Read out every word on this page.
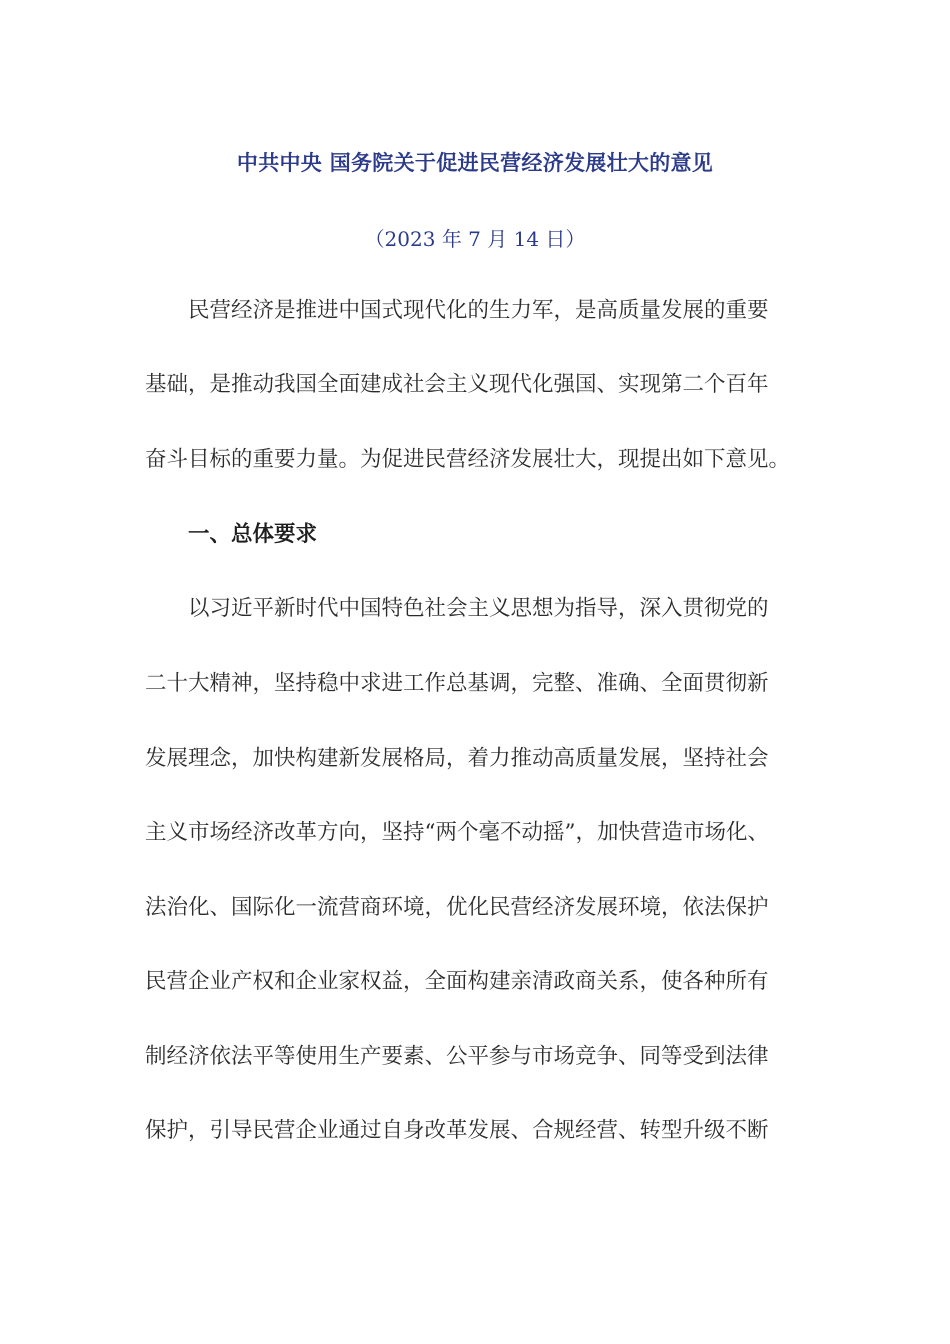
中共中央 国务院关于促进民营经济发展壮大的意见
（2023 年 7 月 14 日）
民营经济是推进中国式现代化的生力军，是高质量发展的重要
基础，是推动我国全面建成社会主义现代化强国、实现第二个百年
奋斗目标的重要力量。为促进民营经济发展壮大，现提出如下意见。
一、总体要求
以习近平新时代中国特色社会主义思想为指导，深入贯彻党的
二十大精神，坚持稳中求进工作总基调，完整、准确、全面贯彻新
发展理念，加快构建新发展格局，着力推动高质量发展，坚持社会
主义市场经济改革方向，坚持“两个毫不动摇”，加快营造市场化、
法治化、国际化一流营商环境，优化民营经济发展环境，依法保护
民营企业产权和企业家权益，全面构建亲清政商关系，使各种所有
制经济依法平等使用生产要素、公平参与市场竞争、同等受到法律
保护，引导民营企业通过自身改革发展、合规经营、转型升级不断
